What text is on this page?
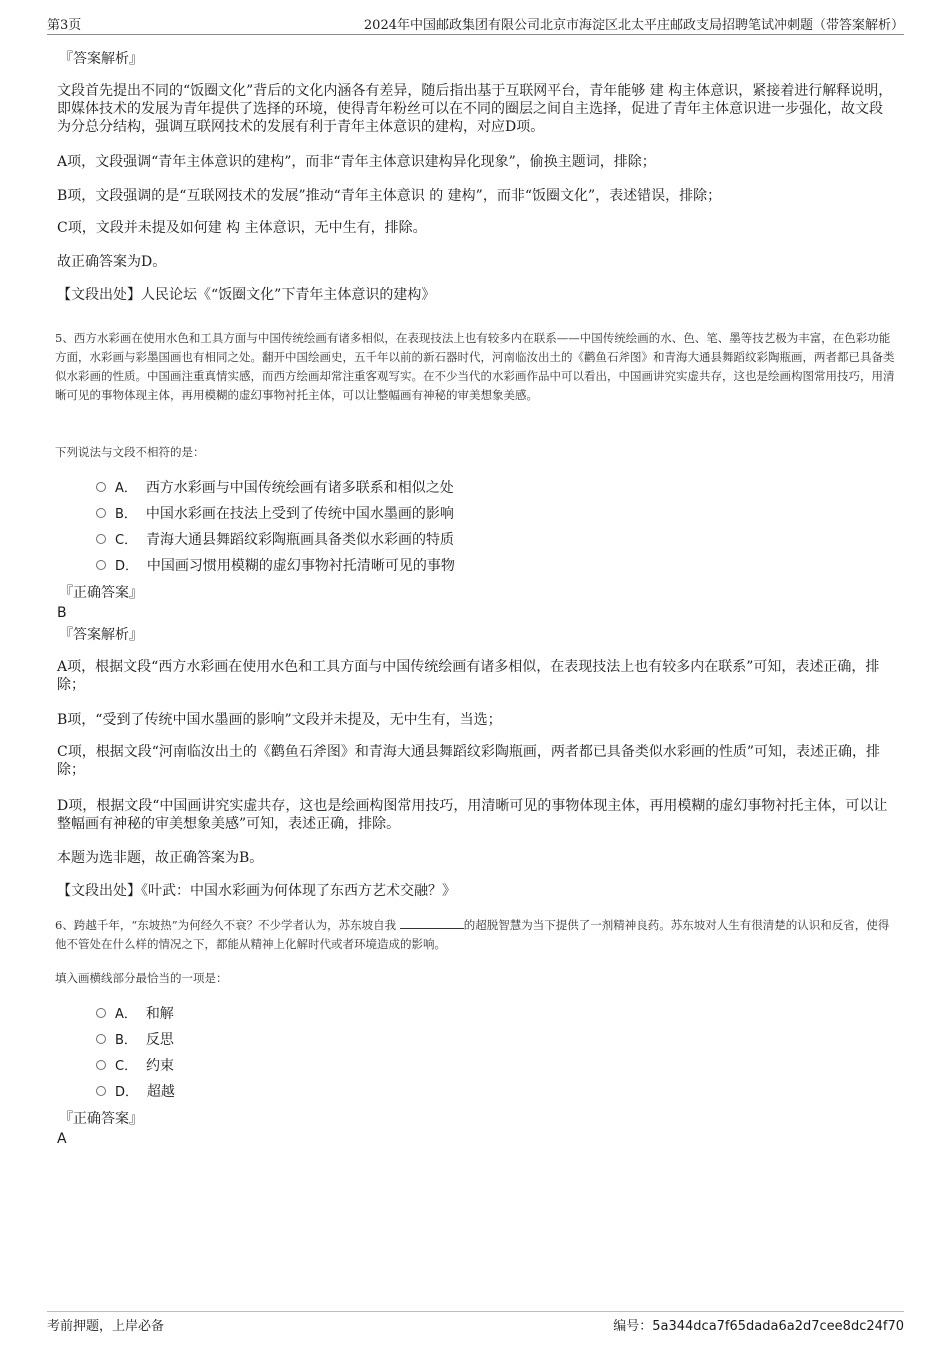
第3页	2024年中国邮政集团有限公司北京市海淀区北太平庄邮政支局招聘笔试冲刺题（带答案解析）

『答案解析』

文段首先提出不同的“饭圈文化”背后的文化内涵各有差异，随后指出基于互联网平台，青年能够 建 构主体意识，紧接着进行解释说明，即媒体技术的发展为青年提供了选择的环境，使得青年粉丝可以在不同的圈层之间自主选择，促进了青年主体意识进一步强化，故文段为分总分结构，强调互联网技术的发展有利于青年主体意识的建构，对应D项。

A项，文段强调“青年主体意识的建构”，而非“青年主体意识建构异化现象”，偷换主题词，排除；

B项，文段强调的是“互联网技术的发展”推动“青年主体意识 的 建构”，而非“饭圈文化”，表述错误，排除；

C项，文段并未提及如何建 构 主体意识，无中生有，排除。

故正确答案为D。

【文段出处】人民论坛《“饭圈文化”下青年主体意识的建构》

5、西方水彩画在使用水色和工具方面与中国传统绘画有诸多相似，在表现技法上也有较多内在联系——中国传统绘画的水、色、笔、墨等技艺极为丰富，在色彩功能方面，水彩画与彩墨国画也有相同之处。翻开中国绘画史，五千年以前的新石器时代，河南临汝出土的《鹳鱼石斧图》和青海大通县舞蹈纹彩陶瓶画，两者都已具备类似水彩画的性质。中国画注重真情实感，而西方绘画却常注重客观写实。在不少当代的水彩画作品中可以看出，中国画讲究实虚共存，这也是绘画构图常用技巧，用清晰可见的事物体现主体，再用模糊的虚幻事物衬托主体，可以让整幅画有神秘的审美想象美感。

下列说法与文段不相符的是：

A． 西方水彩画与中国传统绘画有诸多联系和相似之处
B． 中国水彩画在技法上受到了传统中国水墨画的影响
C． 青海大通县舞蹈纹彩陶瓶画具备类似水彩画的特质
D． 中国画习惯用模糊的虚幻事物衬托清晰可见的事物

『正确答案』

B

『答案解析』

A项，根据文段“西方水彩画在使用水色和工具方面与中国传统绘画有诸多相似，在表现技法上也有较多内在联系”可知，表述正确，排除；

B项，“受到了传统中国水墨画的影响”文段并未提及，无中生有，当选；

C项，根据文段“河南临汝出土的《鹳鱼石斧图》和青海大通县舞蹈纹彩陶瓶画，两者都已具备类似水彩画的性质”可知，表述正确，排除；

D项，根据文段“中国画讲究实虚共存，这也是绘画构图常用技巧，用清晰可见的事物体现主体，再用模糊的虚幻事物衬托主体，可以让整幅画有神秘的审美想象美感”可知，表述正确，排除。

本题为选非题，故正确答案为B。

【文段出处】《叶武：中国水彩画为何体现了东西方艺术交融？》

6、跨越千年，“东坡热”为何经久不衰？不少学者认为，苏东坡自我	的超脱智慧为当下提供了一剂精神良药。苏东坡对人生有很清楚的认识和反省，使得他不管处在什么样的情况之下，都能从精神上化解时代或者环境造成的影响。

填入画横线部分最恰当的一项是：

A． 和解
B． 反思
C． 约束
D． 超越

『正确答案』

A

考前押题，上岸必备	编号：5a344dca7f65dada6a2d7cee8dc24f70
